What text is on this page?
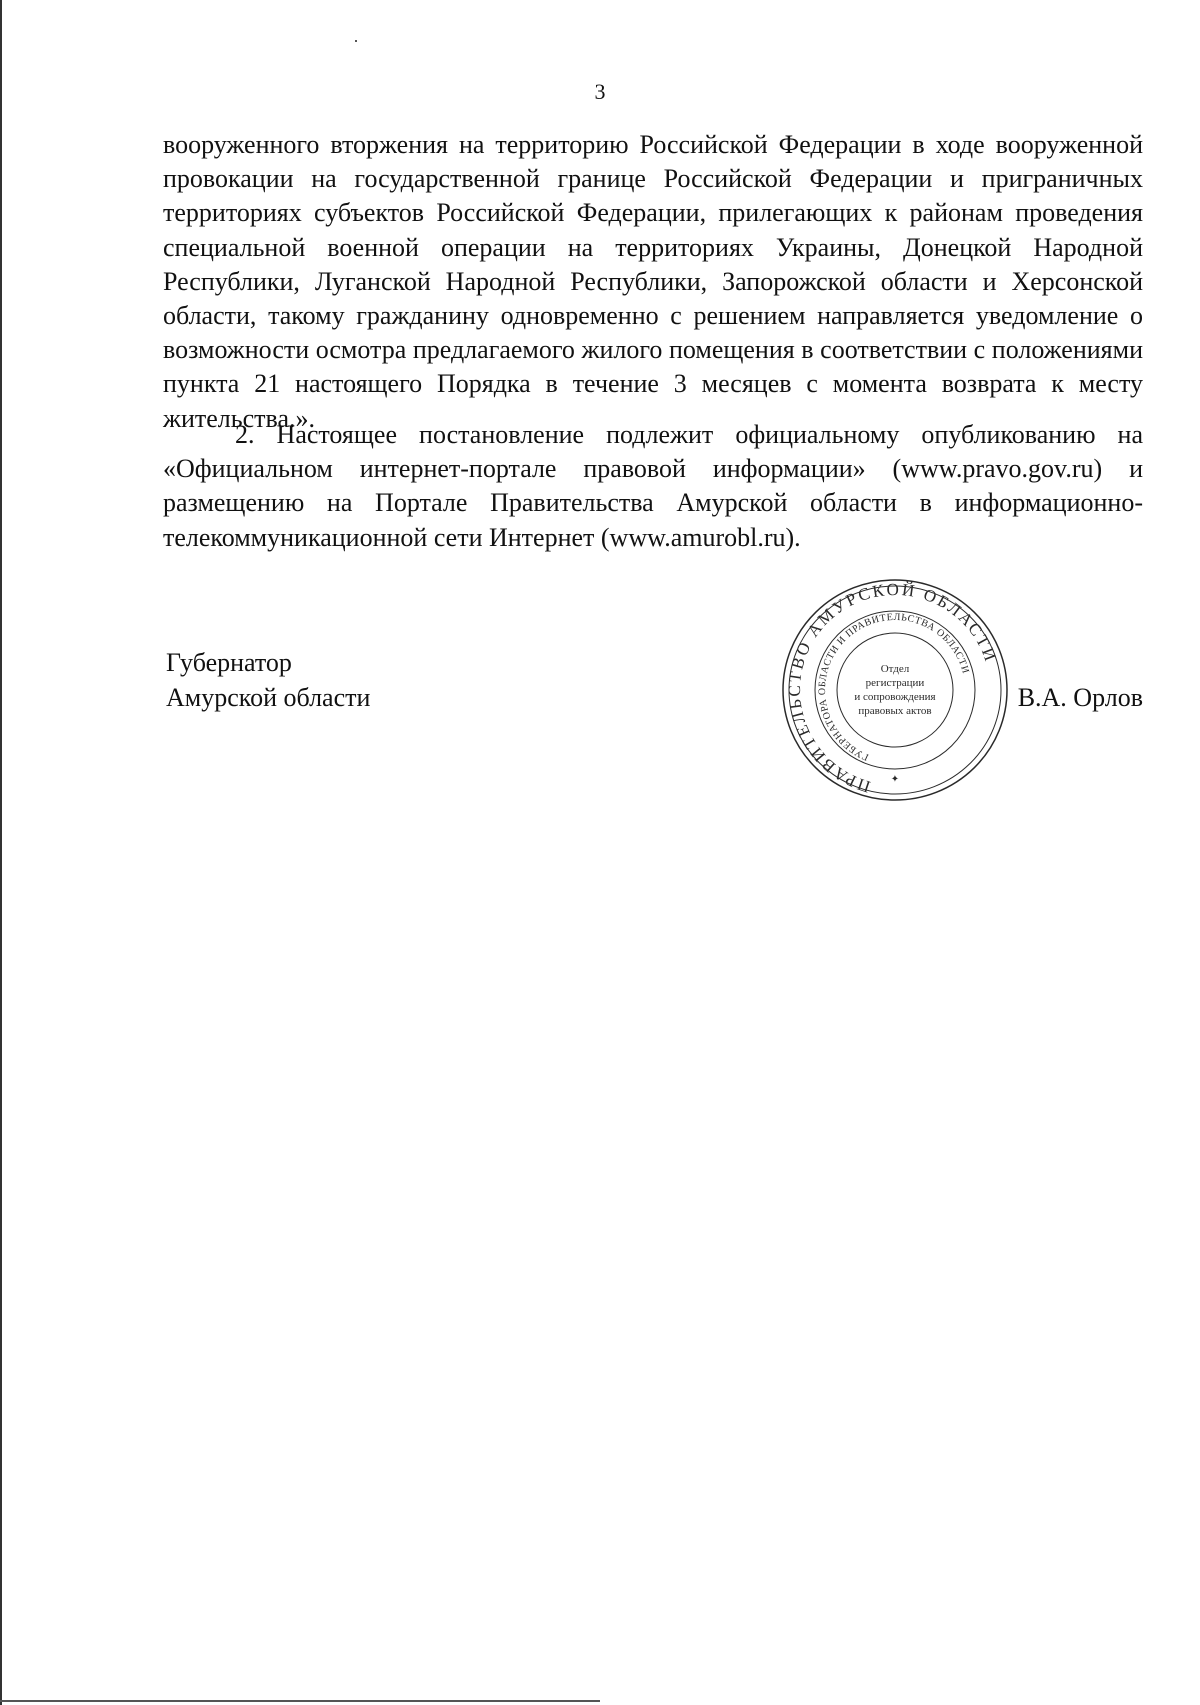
3

вооруженного вторжения на территорию Российской Федерации в ходе вооруженной провокации на государственной границе Российской Федерации и приграничных территориях субъектов Российской Федерации, прилегающих к районам проведения специальной военной операции на территориях Украины, Донецкой Народной Республики, Луганской Народной Республики, Запорожской области и Херсонской области, такому гражданину одновременно с решением направляется уведомление о возможности осмотра предлагаемого жилого помещения в соответствии с положениями пункта 21 настоящего Порядка в течение 3 месяцев с момента возврата к месту жительства.».

2. Настоящее постановление подлежит официальному опубликованию на «Официальном интернет-портале правовой информации» (www.pravo.gov.ru) и размещению на Портале Правительства Амурской области в информационно-телекоммуникационной сети Интернет (www.amurobl.ru).

Губернатор
Амурской области	В.А. Орлов
ПРАВИТЕЛЬСТВО АМУРСКОЙ ОБЛАСТИ
ГУБЕРНАТОРА ОБЛАСТИ И ПРАВИТЕЛЬСТВА ОБЛАСТИ
Отдел
регистрации
и сопровождения
правовых актов
✦
